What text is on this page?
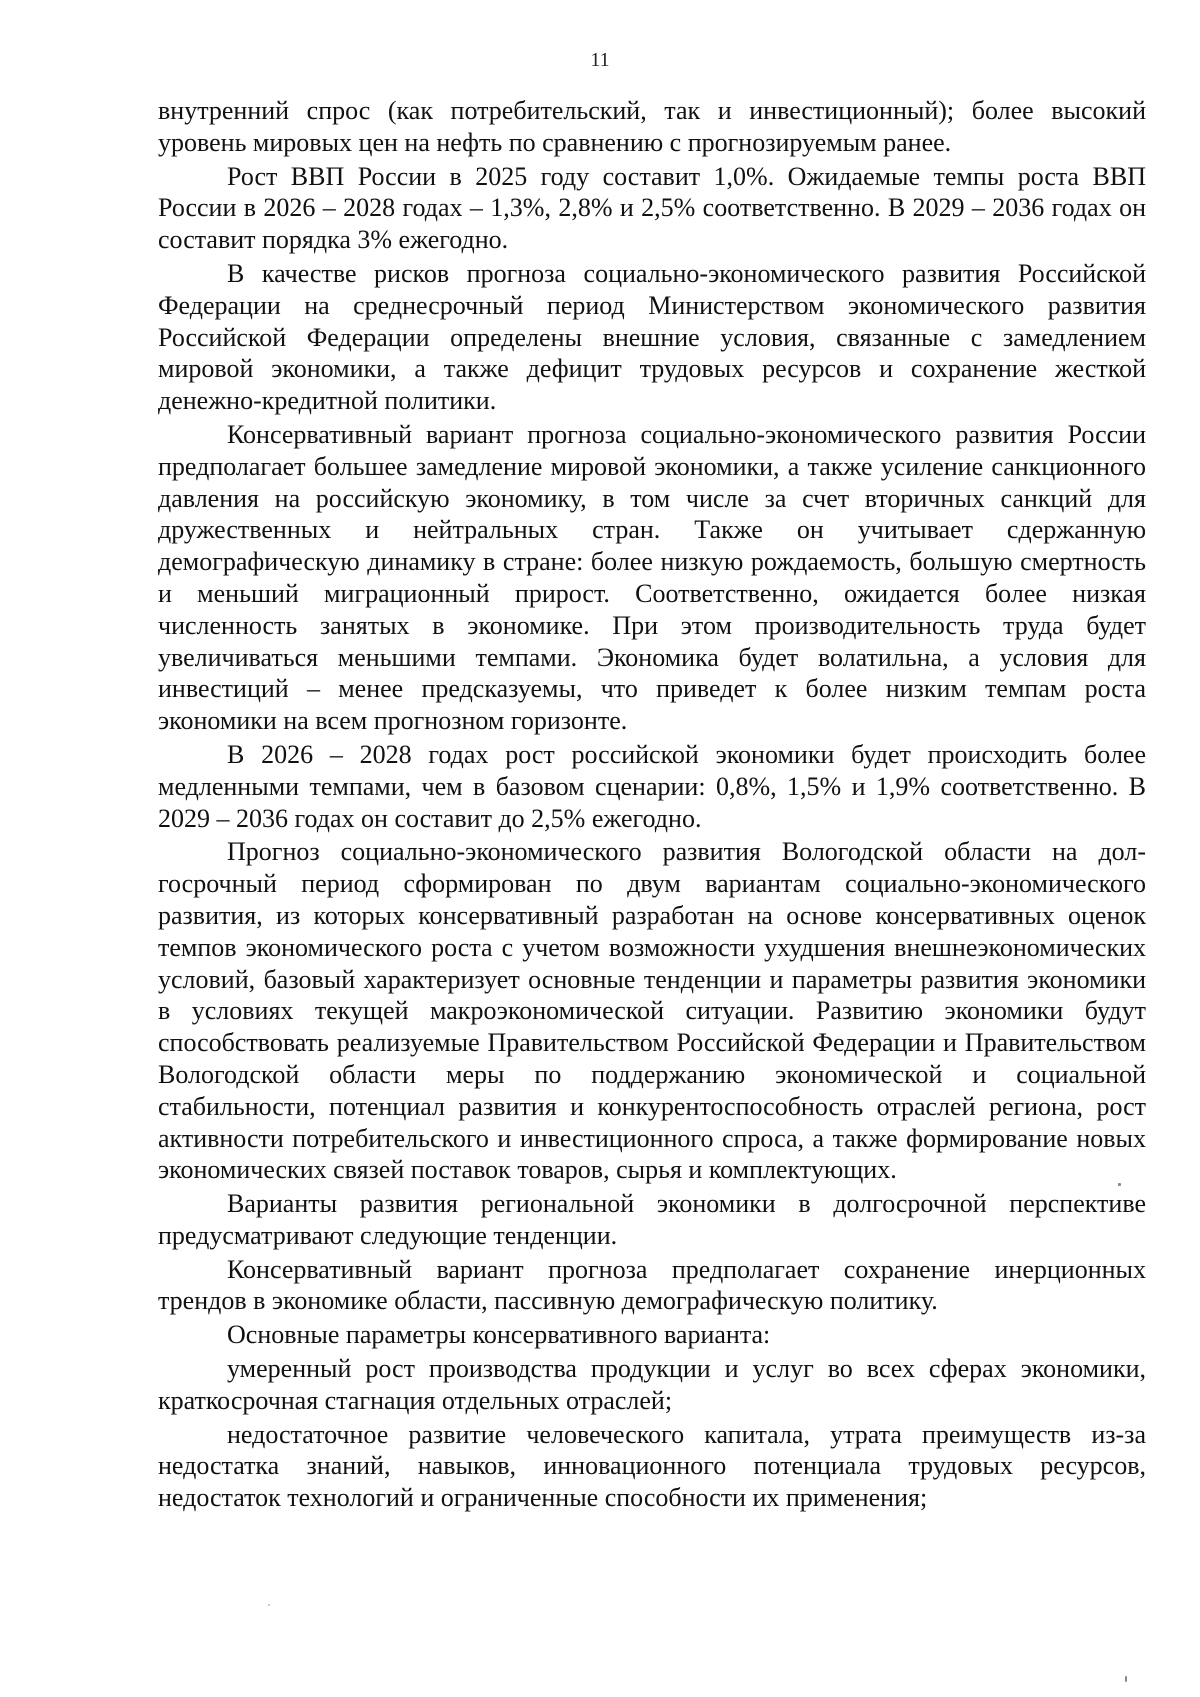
11

внутренний спрос (как потребительский, так и инвестиционный); более высокий уровень мировых цен на нефть по сравнению с прогнозируемым ранее.

Рост ВВП России в 2025 году составит 1,0%. Ожидаемые темпы роста ВВП России в 2026 – 2028 годах – 1,3%, 2,8% и 2,5% соответственно. В 2029 – 2036 годах он составит порядка 3% ежегодно.

В качестве рисков прогноза социально-экономического развития Российской Федерации на среднесрочный период Министерством экономического развития Российской Федерации определены внешние условия, связанные с замедлением мировой экономики, а также дефицит трудовых ресурсов и сохранение жесткой денежно-кредитной политики.

Консервативный вариант прогноза социально-экономического развития России предполагает большее замедление мировой экономики, а также усиление санкционного давления на российскую экономику, в том числе за счет вторичных санкций для дружественных и нейтральных стран. Также он учитывает сдержанную демографическую динамику в стране: более низкую рождаемость, большую смертность и меньший миграционный прирост. Соответственно, ожидается более низкая численность занятых в экономике. При этом производительность труда будет увеличиваться меньшими темпами. Экономика будет волатильна, а условия для инвестиций – менее предсказуемы, что приведет к более низким темпам роста экономики на всем прогнозном горизонте.

В 2026 – 2028 годах рост российской экономики будет происходить более медленными темпами, чем в базовом сценарии: 0,8%, 1,5% и 1,9% соответственно. В 2029 – 2036 годах он составит до 2,5% ежегодно.

Прогноз социально-экономического развития Вологодской области на долгосрочный период сформирован по двум вариантам социально-экономического развития, из которых консервативный разработан на основе консервативных оценок темпов экономического роста с учетом возможности ухудшения внешнеэкономических условий, базовый характеризует основные тенденции и параметры развития экономики в условиях текущей макроэкономической ситуации. Развитию экономики будут способствовать реализуемые Правительством Российской Федерации и Правительством Вологодской области меры по поддержанию экономической и социальной стабильности, потенциал развития и конкурентоспособность отраслей региона, рост активности потребительского и инвестиционного спроса, а также формирование новых экономических связей поставок товаров, сырья и комплектующих.

Варианты развития региональной экономики в долгосрочной перспективе предусматривают следующие тенденции.

Консервативный вариант прогноза предполагает сохранение инерционных трендов в экономике области, пассивную демографическую политику.

Основные параметры консервативного варианта:

умеренный рост производства продукции и услуг во всех сферах экономики, краткосрочная стагнация отдельных отраслей;

недостаточное развитие человеческого капитала, утрата преимуществ из-за недостатка знаний, навыков, инновационного потенциала трудовых ресурсов, недостаток технологий и ограниченные способности их применения;
